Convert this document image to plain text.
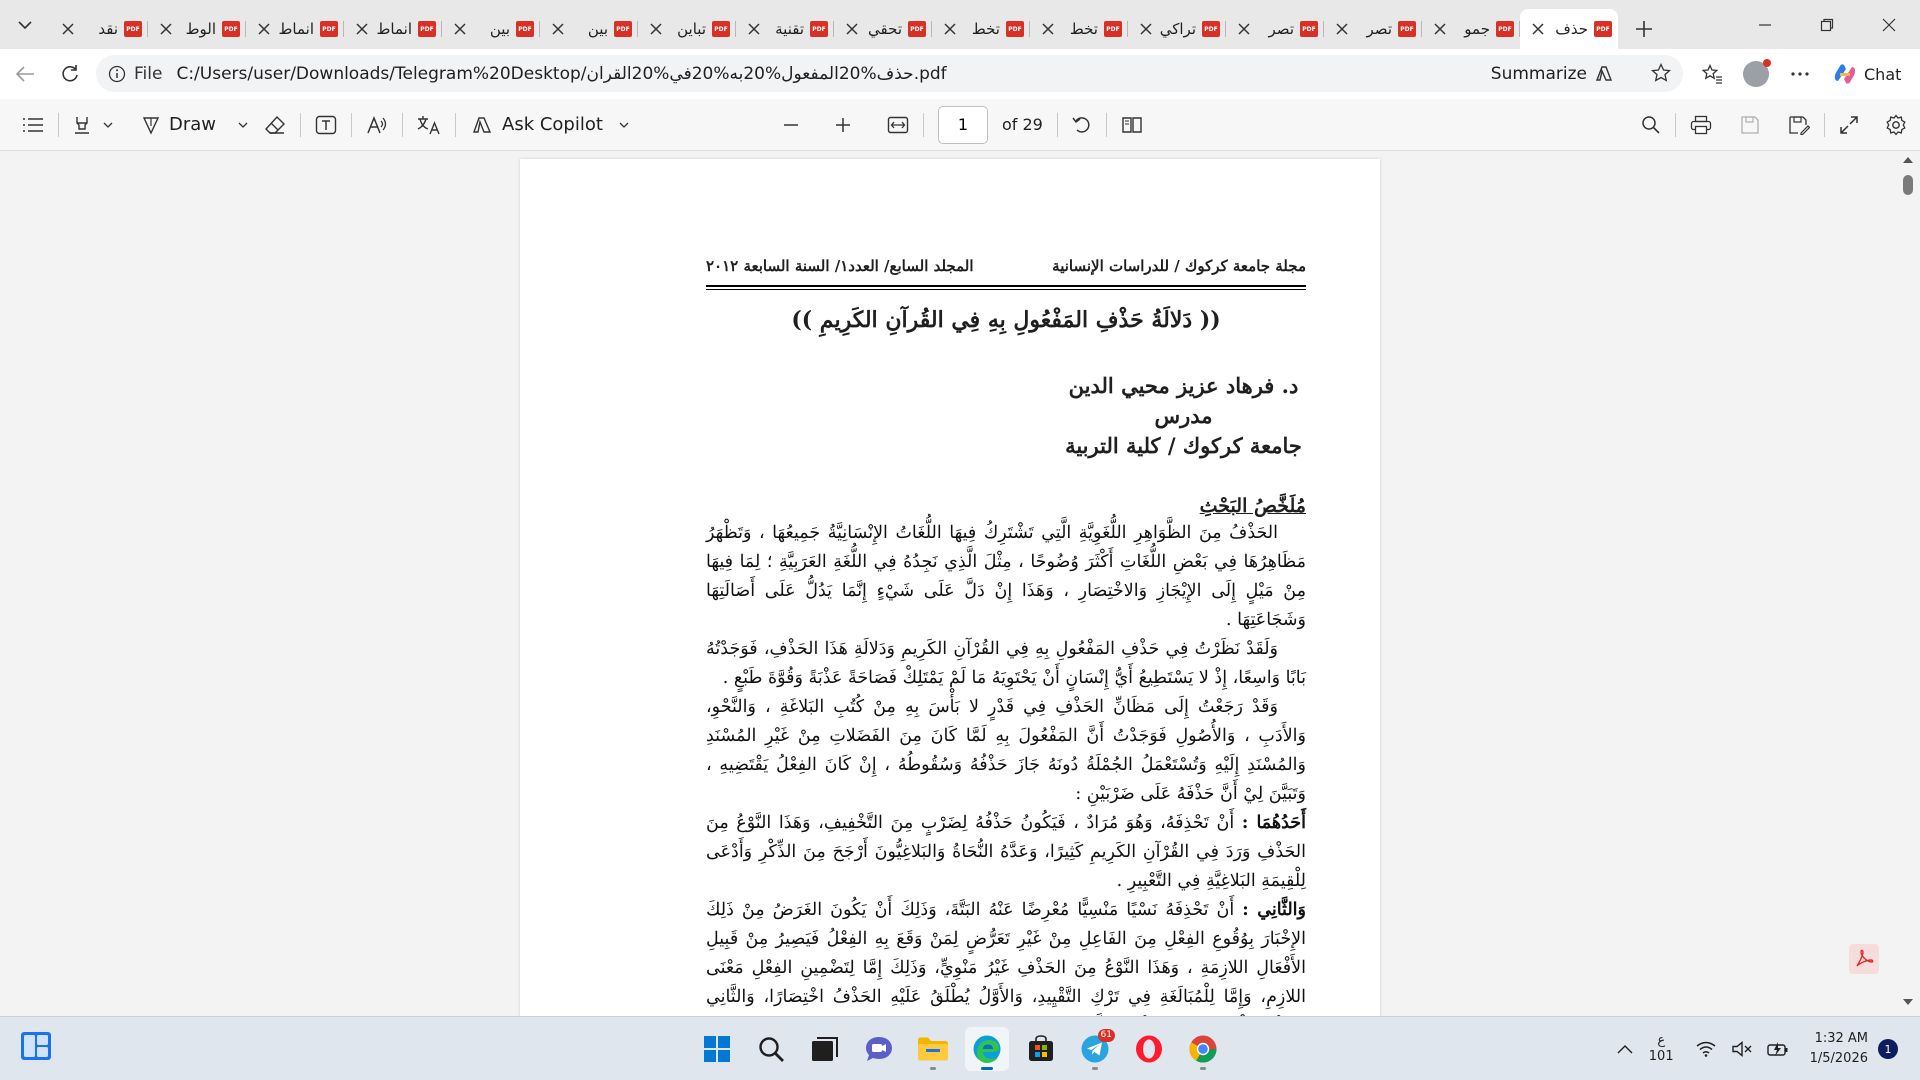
نقد	PDF	الوط	PDF	انماط	PDF	انماط	PDF	بين	PDF	بين	PDF	تباين	PDF	تقنية	PDF	تحقي	PDF	تخط	PDF	تخط	PDF	تراكي	PDF	تصر	PDF	تصر	PDF	جمو	PDF	حذف	PDF
File C:/Users/user/Downloads/Telegram%20Desktop/حذف%20المفعول%20به%20في%20القران.pdf	Summarize	Chat
Draw	Ask Copilot
1	of 29
مجلة جامعة كركوك / للدراسات الإنسانية
المجلد السابع/ العدد١/ السنة السابعة ٢٠١٢
(( دَلالَةُ حَذْفِ المَفْعُولِ بِهِ فِي القُرآنِ الكَرِيمِ ))
د. فرهاد عزيز محيي الدين
مدرس
جامعة كركوك / كلية التربية
مُلَخَّصُ البَحْثِ

الحَذْفُ مِنَ الظَّوَاهِرِ اللُّغَوِيَّةِ الَّتِي تَشْتَرِكُ فِيهَا اللُّغَاتُ الإِنْسَانِيَّةُ جَمِيعُهَا ، وَتَظْهَرُ مَظَاهِرُهَا فِي بَعْضِ اللُّغَاتِ أَكْثَرَ وُضُوحًا ، مِثْلَ الَّذِي نَجِدُهُ فِي اللُّغَةِ العَرَبِيَّةِ ؛ لِمَا فِيهَا مِنْ مَيْلٍ إِلَى الإِيْجَازِ وَالاخْتِصَارِ ، وَهَذَا إِنْ دَلَّ عَلَى شَيْءٍ إِنَّمَا يَدُلُّ عَلَى أَصَالَتِهَا وَشَجَاعَتِهَا .

وَلَقَدْ نَظَرْتُ فِي حَذْفِ المَفْعُولِ بِهِ فِي القُرْآنِ الكَرِيمِ وَدَلالَةِ هَذَا الحَذْفِ، فَوَجَدْتُهُ بَابًا وَاسِعًا، إِذْ لا يَسْتَطِيعُ أَيُّ إِنْسَانٍ أَنْ يَحْتَوِيَهُ مَا لَمْ يَمْتَلِكْ فَصَاحَةً عَذْبَةً وَقُوَّةَ طَبْعٍ .

وَقَدْ رَجَعْتُ إِلَى مَظَانِّ الحَذْفِ فِي قَدْرٍ لا بَأْسَ بِهِ مِنْ كُتُبِ البَلاغَةِ ، وَالنَّحْوِ، وَالأَدَبِ ، وَالأُصُولِ فَوَجَدْتُ أَنَّ المَفْعُولَ بِهِ لَمَّا كَانَ مِنَ الفَضَلاتِ مِنْ غَيْرِ المُسْنَدِ وَالمُسْنَدِ إِلَيْهِ وَتُسْتَعْمَلُ الجُمْلَةُ دُونَهُ جَازَ حَذْفُهُ وَسُقُوطُهُ ، إِنْ كَانَ الفِعْلُ يَقْتَضِيهِ ، وَتَبَيَّنَ لِيْ أَنَّ حَذْفَهُ عَلَى ضَرْبَيْنِ :

أَحَدُهُمَا : أَنْ تَحْذِفَهُ، وَهُوَ مُرَادٌ ، فَيَكُونُ حَذْفُهُ لِضَرْبٍ مِنَ التَّخْفِيفِ، وَهَذَا النَّوْعُ مِنَ الحَذْفِ وَرَدَ فِي القُرْآنِ الكَرِيمِ كَثِيرًا، وَعَدَّهُ النُّحَاةُ وَالبَلاغِيُّونَ أَرْجَحَ مِنَ الذِّكْرِ وَأَدْعَى لِلْقِيمَةِ البَلاغِيَّةِ فِي التَّعْبِيرِ .

وَالثَّانِي : أَنْ تَحْذِفَهُ نَسْيًا مَنْسِيًّا مُعْرِضًا عَنْهُ البَتَّةَ، وَذَلِكَ أَنْ يَكُونَ الغَرَضُ مِنْ ذَلِكَ الإِخْبَارَ بِوُقُوعِ الفِعْلِ مِنَ الفَاعِلِ مِنْ غَيْرِ تَعَرُّضٍ لِمَنْ وَقَعَ بِهِ الفِعْلُ فَيَصِيرُ مِنْ قَبِيلِ الأَفْعَالِ اللازِمَةِ ، وَهَذَا النَّوْعُ مِنَ الحَذْفِ غَيْرُ مَنْوِيٍّ، وَذَلِكَ إِمَّا لِتَضْمِينِ الفِعْلِ مَعْنَى اللازِمِ، وَإِمَّا لِلْمُبَالَغَةِ فِي تَرْكِ التَّقْيِيدِ، وَالأَوَّلُ يُطْلَقُ عَلَيْهِ الحَذْفُ اخْتِصَارًا، وَالثَّانِي

61	ع
101
1:32 AM
1/5/2026
1
